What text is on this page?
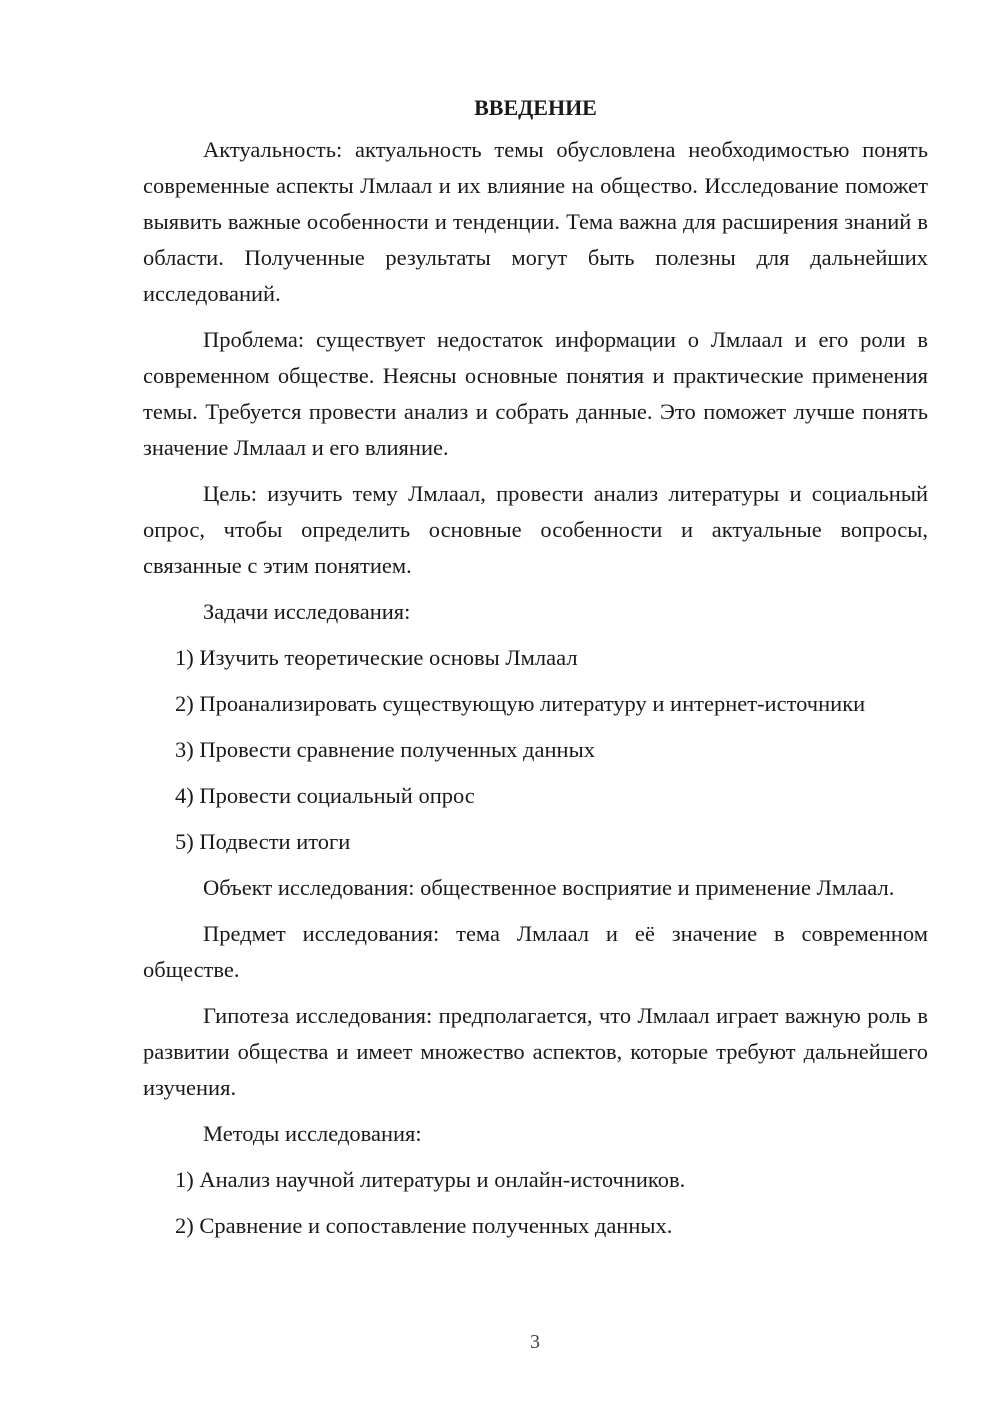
ВВЕДЕНИЕ

Актуальность: актуальность темы обусловлена необходимостью понять современные аспекты Лмлаал и их влияние на общество. Исследование поможет выявить важные особенности и тенденции. Тема важна для расширения знаний в области. Полученные результаты могут быть полезны для дальнейших исследований.

Проблема: существует недостаток информации о Лмлаал и его роли в современном обществе. Неясны основные понятия и практические применения темы. Требуется провести анализ и собрать данные. Это поможет лучше понять значение Лмлаал и его влияние.

Цель: изучить тему Лмлаал, провести анализ литературы и социальный опрос, чтобы определить основные особенности и актуальные вопросы, связанные с этим понятием.

Задачи исследования:

1) Изучить теоретические основы Лмлаал

2) Проанализировать существующую литературу и интернет-источники

3) Провести сравнение полученных данных

4) Провести социальный опрос

5) Подвести итоги

Объект исследования: общественное восприятие и применение Лмлаал.

Предмет исследования: тема Лмлаал и её значение в современном обществе.

Гипотеза исследования: предполагается, что Лмлаал играет важную роль в развитии общества и имеет множество аспектов, которые требуют дальнейшего изучения.

Методы исследования:

1) Анализ научной литературы и онлайн-источников.

2) Сравнение и сопоставление полученных данных.

3
